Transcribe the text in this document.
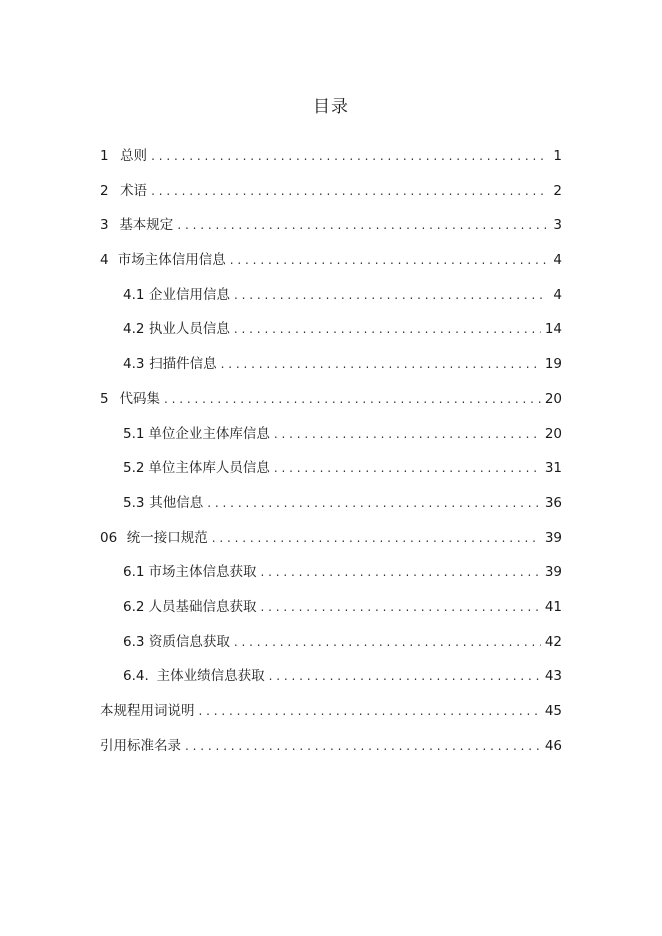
目录
1 总则 . . .	1
2 术语 . . .	2
3 基本规定 . . .	3
4 市场主体信用信息 . . .	4
4.1 企业信用信息 . . .	4
4.2 执业人员信息 . . .	14
4.3 扫描件信息 . . .	19
5 代码集 . . .	20
5.1 单位企业主体库信息 . . .	20
5.2 单位主体库人员信息 . . .	31
5.3 其他信息 . . .	36
06 统一接口规范 . . .	39
6.1 市场主体信息获取 . . .	39
6.2 人员基础信息获取 . . .	41
6.3 资质信息获取 . . .	42
6.4. 主体业绩信息获取 . . .	43
本规程用词说明 . . .	45
引用标准名录 . . .	46
